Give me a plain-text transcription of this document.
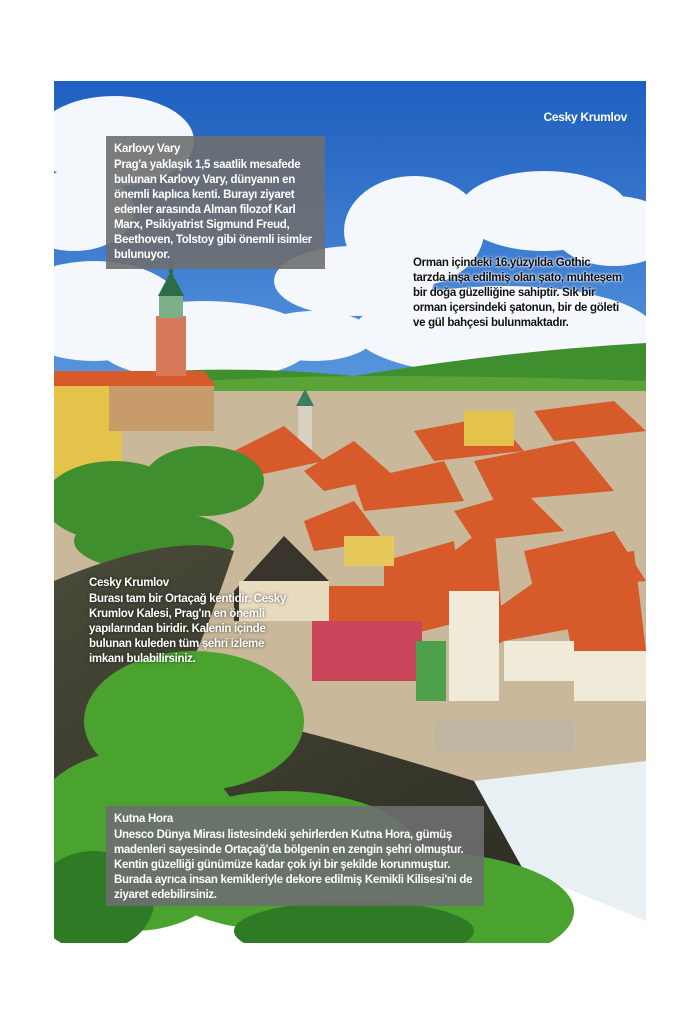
Cesky Krumlov
Karlovy Vary
Prag'a yaklaşık 1,5 saatlik mesafede bulunan Karlovy Vary, dünyanın en önemli kaplıca kenti. Burayı ziyaret edenler arasında Alman filozof Karl Marx, Psikiyatrist Sigmund Freud, Beethoven, Tolstoy gibi önemli isimler bulunuyor.
Orman içindeki 16.yüzyılda Gothic tarzda inşa edilmiş olan şato, muhteşem bir doğa güzelliğine sahiptir. Sık bir orman içersindeki şatonun, bir de göleti ve gül bahçesi bulunmaktadır.
Cesky Krumlov
Burası tam bir Ortaçağ kentidir. Cesky Krumlov Kalesi, Prag'ın en önemli yapılarından biridir. Kalenin içinde bulunan kuleden tüm şehri izleme imkanı bulabilirsiniz.
Kutna Hora
Unesco Dünya Mirası listesindeki şehirlerden Kutna Hora, gümüş madenleri sayesinde Ortaçağ'da bölgenin en zengin şehri olmuştur. Kentin güzelliği günümüze kadar çok iyi bir şekilde korunmuştur. Burada ayrıca insan kemikleriyle dekore edilmiş Kemikli Kilisesi'ni de ziyaret edebilirsiniz.
